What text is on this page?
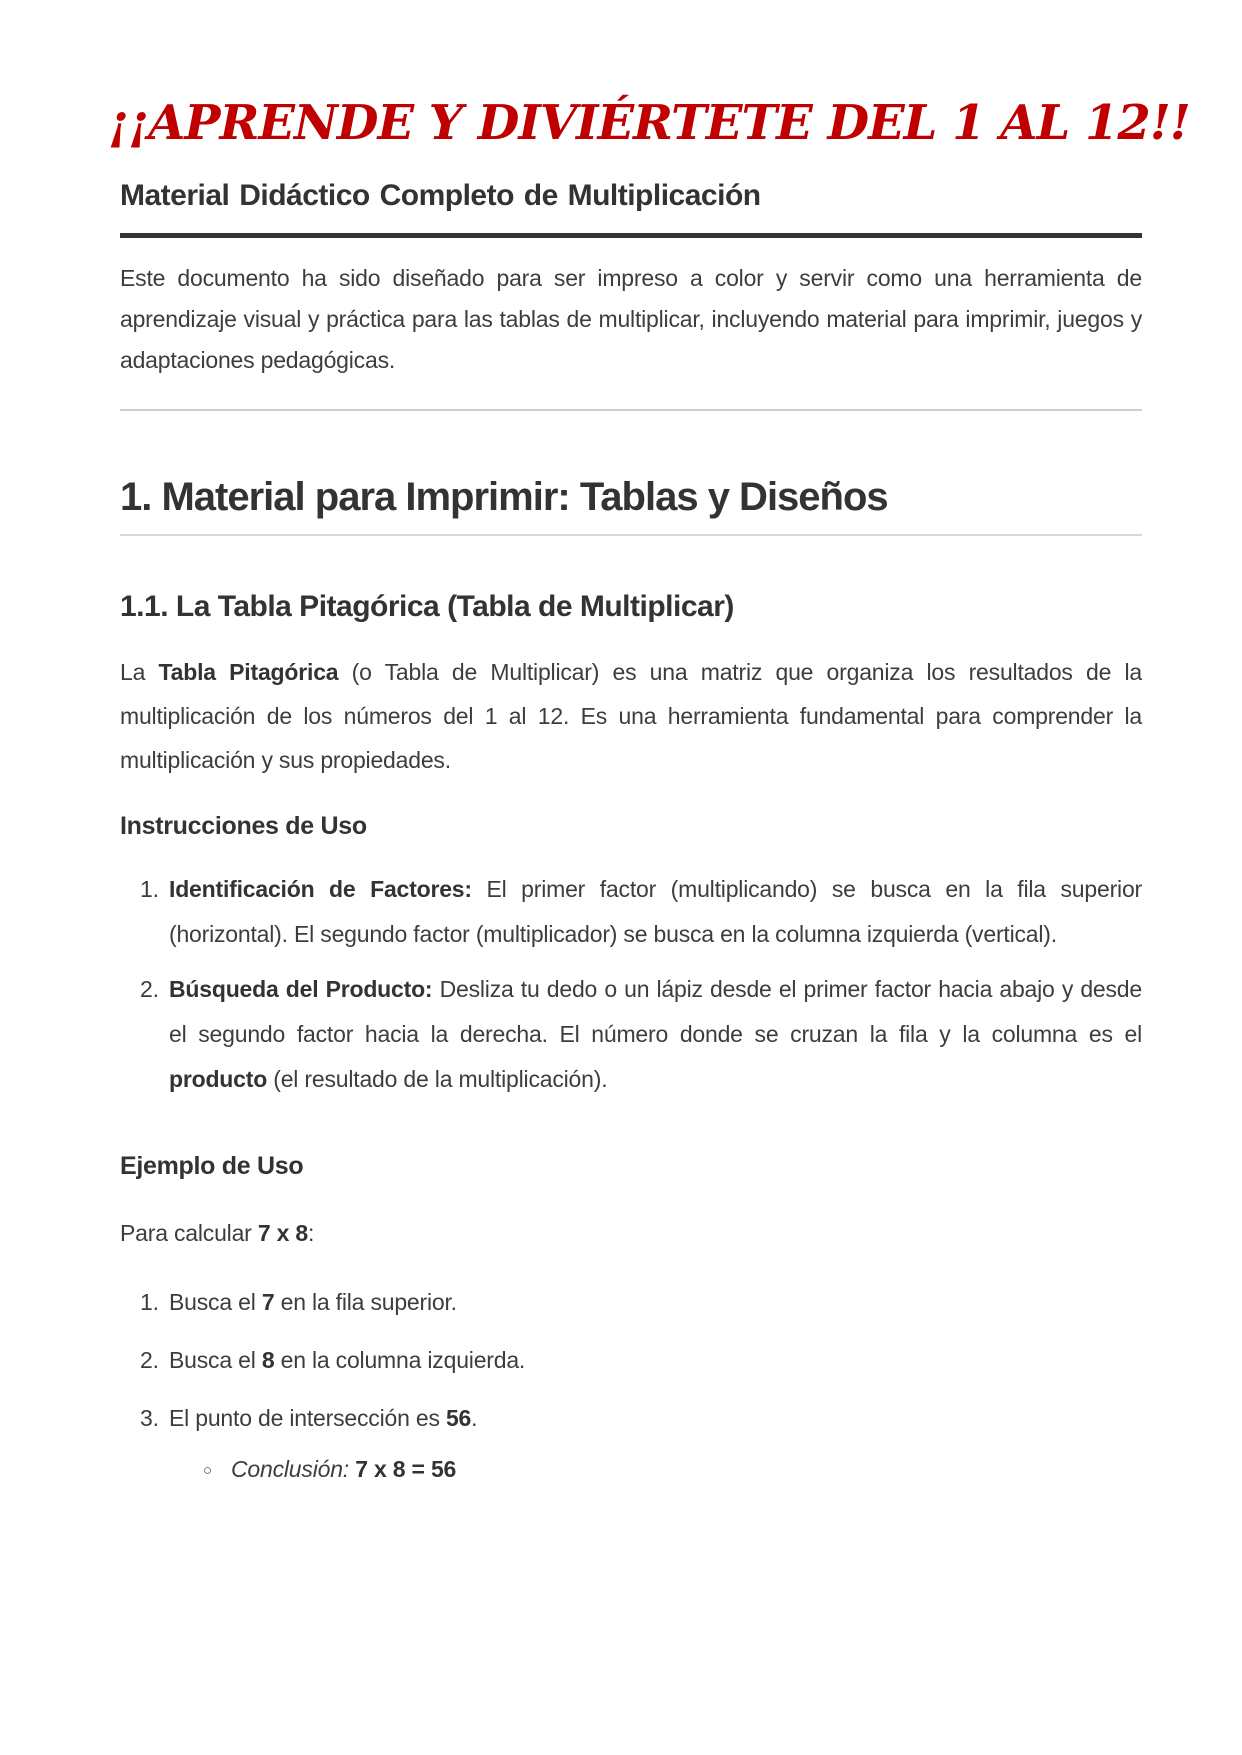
¡¡APRENDE Y DIVIÉRTETE DEL 1 AL 12!!
Material Didáctico Completo de Multiplicación

Este documento ha sido diseñado para ser impreso a color y servir como una herramienta de aprendizaje visual y práctica para las tablas de multiplicar, incluyendo material para imprimir, juegos y adaptaciones pedagógicas.

1. Material para Imprimir: Tablas y Diseños
1.1. La Tabla Pitagórica (Tabla de Multiplicar)

La Tabla Pitagórica (o Tabla de Multiplicar) es una matriz que organiza los resultados de la multiplicación de los números del 1 al 12. Es una herramienta fundamental para comprender la multiplicación y sus propiedades.

Instrucciones de Uso
1. Identificación de Factores: El primer factor (multiplicando) se busca en la fila superior (horizontal). El segundo factor (multiplicador) se busca en la columna izquierda (vertical).
2. Búsqueda del Producto: Desliza tu dedo o un lápiz desde el primer factor hacia abajo y desde el segundo factor hacia la derecha. El número donde se cruzan la fila y la columna es el producto (el resultado de la multiplicación).
Ejemplo de Uso

Para calcular 7 x 8:

1. Busca el 7 en la fila superior.
2. Busca el 8 en la columna izquierda.
3. El punto de intersección es 56.
○ Conclusión: 7 x 8 = 56
